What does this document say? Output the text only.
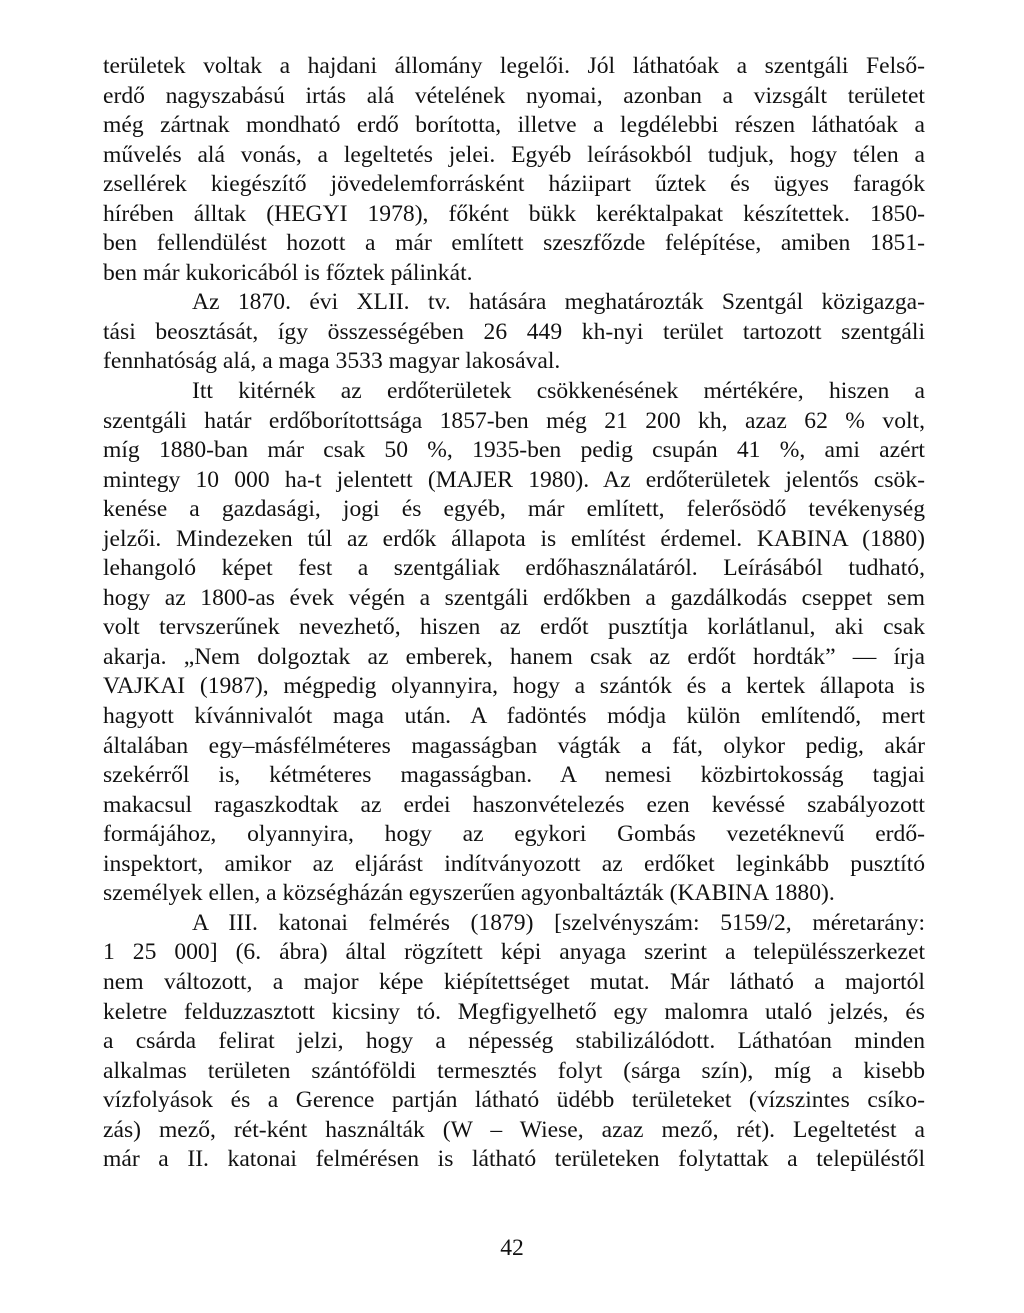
területek voltak a hajdani állomány legelői. Jól láthatóak a szentgáli Felső-
erdő nagyszabású irtás alá vételének nyomai, azonban a vizsgált területet
még zártnak mondható erdő borította, illetve a legdélebbi részen láthatóak a
művelés alá vonás, a legeltetés jelei. Egyéb leírásokból tudjuk, hogy télen a
zsellérek kiegészítő jövedelemforrásként háziipart űztek és ügyes faragók
hírében álltak (HEGYI 1978), főként bükk keréktalpakat készítettek. 1850-
ben fellendülést hozott a már említett szeszfőzde felépítése, amiben 1851-
ben már kukoricából is főztek pálinkát.
Az 1870. évi XLII. tv. hatására meghatározták Szentgál közigazga-
tási beosztását, így összességében 26 449 kh-nyi terület tartozott szentgáli
fennhatóság alá, a maga 3533 magyar lakosával.
Itt kitérnék az erdőterületek csökkenésének mértékére, hiszen a
szentgáli határ erdőborítottsága 1857-ben még 21 200 kh, azaz 62 % volt,
míg 1880-ban már csak 50 %, 1935-ben pedig csupán 41 %, ami azért
mintegy 10 000 ha-t jelentett (MAJER 1980). Az erdőterületek jelentős csök-
kenése a gazdasági, jogi és egyéb, már említett, felerősödő tevékenység
jelzői. Mindezeken túl az erdők állapota is említést érdemel. KABINA (1880)
lehangoló képet fest a szentgáliak erdőhasználatáról. Leírásából tudható,
hogy az 1800-as évek végén a szentgáli erdőkben a gazdálkodás cseppet sem
volt tervszerűnek nevezhető, hiszen az erdőt pusztítja korlátlanul, aki csak
akarja. „Nem dolgoztak az emberek, hanem csak az erdőt hordták” — írja
VAJKAI (1987), mégpedig olyannyira, hogy a szántók és a kertek állapota is
hagyott kívánnivalót maga után. A fadöntés módja külön említendő, mert
általában egy–másfélméteres magasságban vágták a fát, olykor pedig, akár
szekérről is, kétméteres magasságban. A nemesi közbirtokosság tagjai
makacsul ragaszkodtak az erdei haszonvételezés ezen kevéssé szabályozott
formájához, olyannyira, hogy az egykori Gombás vezetéknevű erdő-
inspektort, amikor az eljárást indítványozott az erdőket leginkább pusztító
személyek ellen, a községházán egyszerűen agyonbaltázták (KABINA 1880).
A III. katonai felmérés (1879) [szelvényszám: 5159/2, méretarány:
1 25 000] (6. ábra) által rögzített képi anyaga szerint a településszerkezet
nem változott, a major képe kiépítettséget mutat. Már látható a majortól
keletre felduzzasztott kicsiny tó. Megfigyelhető egy malomra utaló jelzés, és
a csárda felirat jelzi, hogy a népesség stabilizálódott. Láthatóan minden
alkalmas területen szántóföldi termesztés folyt (sárga szín), míg a kisebb
vízfolyások és a Gerence partján látható üdébb területeket (vízszintes csíko-
zás) mező, rét-ként használták (W – Wiese, azaz mező, rét). Legeltetést a
már a II. katonai felmérésen is látható területeken folytattak a településtől
42
